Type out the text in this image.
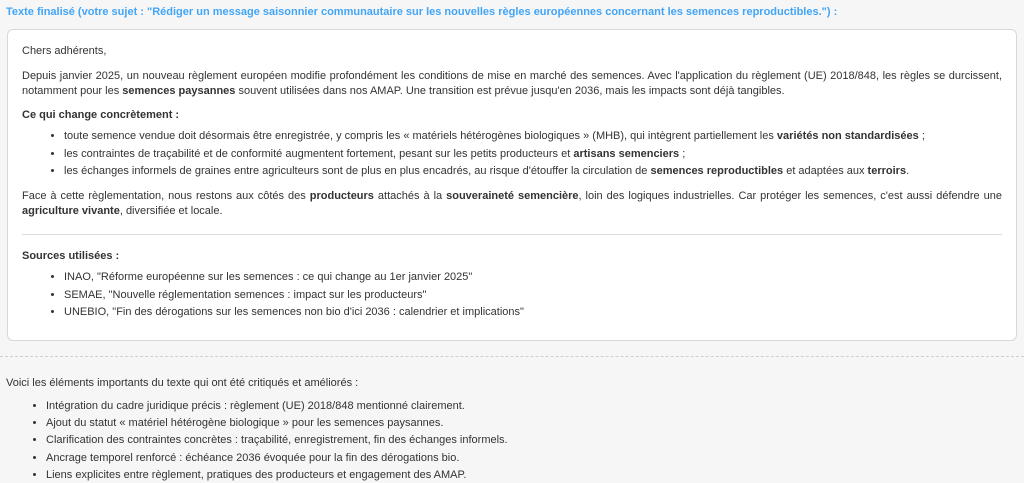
Texte finalisé (votre sujet : "Rédiger un message saisonnier communautaire sur les nouvelles règles européennes concernant les semences reproductibles.") :

Chers adhérents,

Depuis janvier 2025, un nouveau règlement européen modifie profondément les conditions de mise en marché des semences. Avec l'application du règlement (UE) 2018/848, les règles se durcissent, notamment pour les semences paysannes souvent utilisées dans nos AMAP. Une transition est prévue jusqu'en 2036, mais les impacts sont déjà tangibles.

Ce qui change concrètement :

• toute semence vendue doit désormais être enregistrée, y compris les « matériels hétérogènes biologiques » (MHB), qui intègrent partiellement les variétés non standardisées ;
• les contraintes de traçabilité et de conformité augmentent fortement, pesant sur les petits producteurs et artisans semenciers ;
• les échanges informels de graines entre agriculteurs sont de plus en plus encadrés, au risque d'étouffer la circulation de semences reproductibles et adaptées aux terroirs.

Face à cette règlementation, nous restons aux côtés des producteurs attachés à la souveraineté semencière, loin des logiques industrielles. Car protéger les semences, c'est aussi défendre une agriculture vivante, diversifiée et locale.

Sources utilisées :

• INAO, "Réforme européenne sur les semences : ce qui change au 1er janvier 2025"
• SEMAE, "Nouvelle réglementation semences : impact sur les producteurs"
• UNEBIO, "Fin des dérogations sur les semences non bio d'ici 2036 : calendrier et implications"

Voici les éléments importants du texte qui ont été critiqués et améliorés :

• Intégration du cadre juridique précis : règlement (UE) 2018/848 mentionné clairement.
• Ajout du statut « matériel hétérogène biologique » pour les semences paysannes.
• Clarification des contraintes concrètes : traçabilité, enregistrement, fin des échanges informels.
• Ancrage temporel renforcé : échéance 2036 évoquée pour la fin des dérogations bio.
• Liens explicites entre règlement, pratiques des producteurs et engagement des AMAP.
